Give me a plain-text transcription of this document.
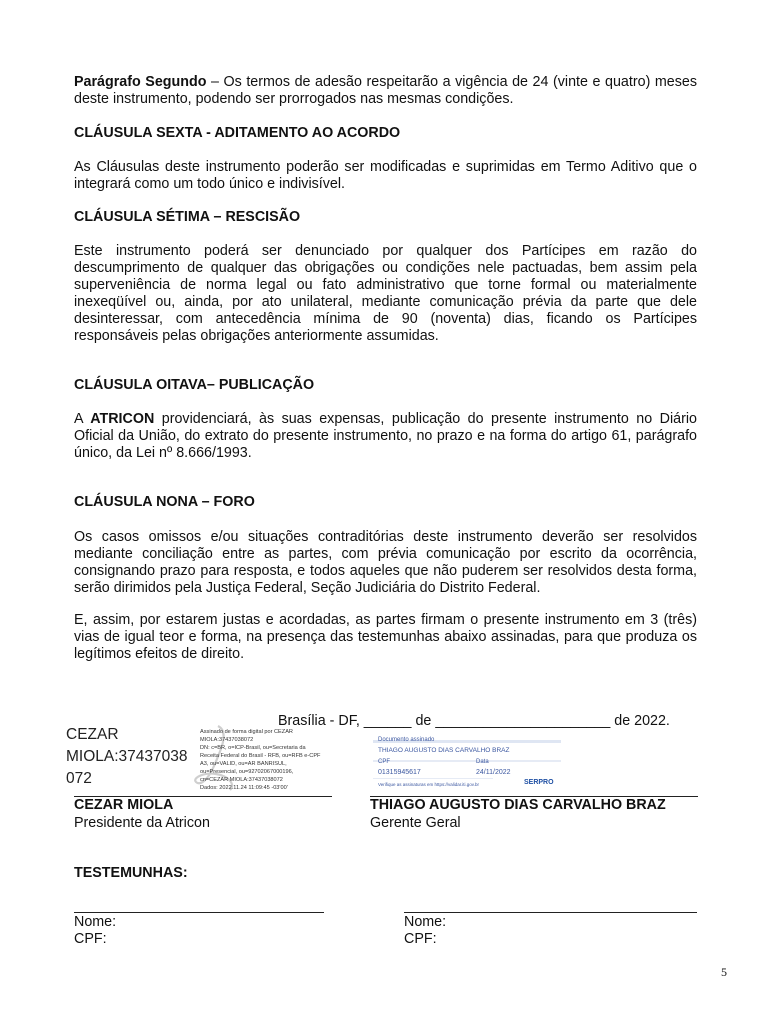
Parágrafo Segundo – Os termos de adesão respeitarão a vigência de 24 (vinte e quatro) meses deste instrumento, podendo ser prorrogados nas mesmas condições.

CLÁUSULA SEXTA - ADITAMENTO AO ACORDO

As Cláusulas deste instrumento poderão ser modificadas e suprimidas em Termo Aditivo que o integrará como um todo único e indivisível.

CLÁUSULA SÉTIMA – RESCISÃO

Este instrumento poderá ser denunciado por qualquer dos Partícipes em razão do descumprimento de qualquer das obrigações ou condições nele pactuadas, bem assim pela superveniência de norma legal ou fato administrativo que torne formal ou materialmente inexeqüível ou, ainda, por ato unilateral, mediante comunicação prévia da parte que dele desinteressar, com antecedência mínima de 90 (noventa) dias, ficando os Partícipes responsáveis pelas obrigações anteriormente assumidas.

CLÁUSULA OITAVA– PUBLICAÇÃO

A ATRICON providenciará, às suas expensas, publicação do presente instrumento no Diário Oficial da União, do extrato do presente instrumento, no prazo e na forma do artigo 61, parágrafo único, da Lei nº 8.666/1993.

CLÁUSULA NONA – FORO

Os casos omissos e/ou situações contraditórias deste instrumento deverão ser resolvidos mediante conciliação entre as partes, com prévia comunicação por escrito da ocorrência, consignando prazo para resposta, e todos aqueles que não puderem ser resolvidos desta forma, serão dirimidos pela Justiça Federal, Seção Judiciária do Distrito Federal.

E, assim, por estarem justas e acordadas, as partes firmam o presente instrumento em 3 (três) vias de igual teor e forma, na presença das testemunhas abaixo assinadas, para que produza os legítimos efeitos de direito.

Brasília - DF, ______ de ______________________ de 2022.

CEZAR
MIOLA:37437038
072
Assinado de forma digital por CEZAR
MIOLA:37437038072
DN: c=BR, o=ICP-Brasil, ou=Secretaria da
Receita Federal do Brasil - RFB, ou=RFB e-CPF
A3, ou=VALID, ou=AR BANRISUL,
ou=Presencial, ou=92702067000196,
cn=CEZAR MIOLA:37437038072
Dados: 2022.11.24 11:09:45 -03'00'
Documento assinado
THIAGO AUGUSTO DIAS CARVALHO BRAZ
CPF	Data
01315945617	24/11/2022
Verifique as assinaturas em https://validar.iti.gov.br	SERPRO

CEZAR MIOLA

Presidente da Atricon

THIAGO AUGUSTO DIAS CARVALHO BRAZ

Gerente Geral

TESTEMUNHAS:

Nome:

CPF:

Nome:

CPF:

5
